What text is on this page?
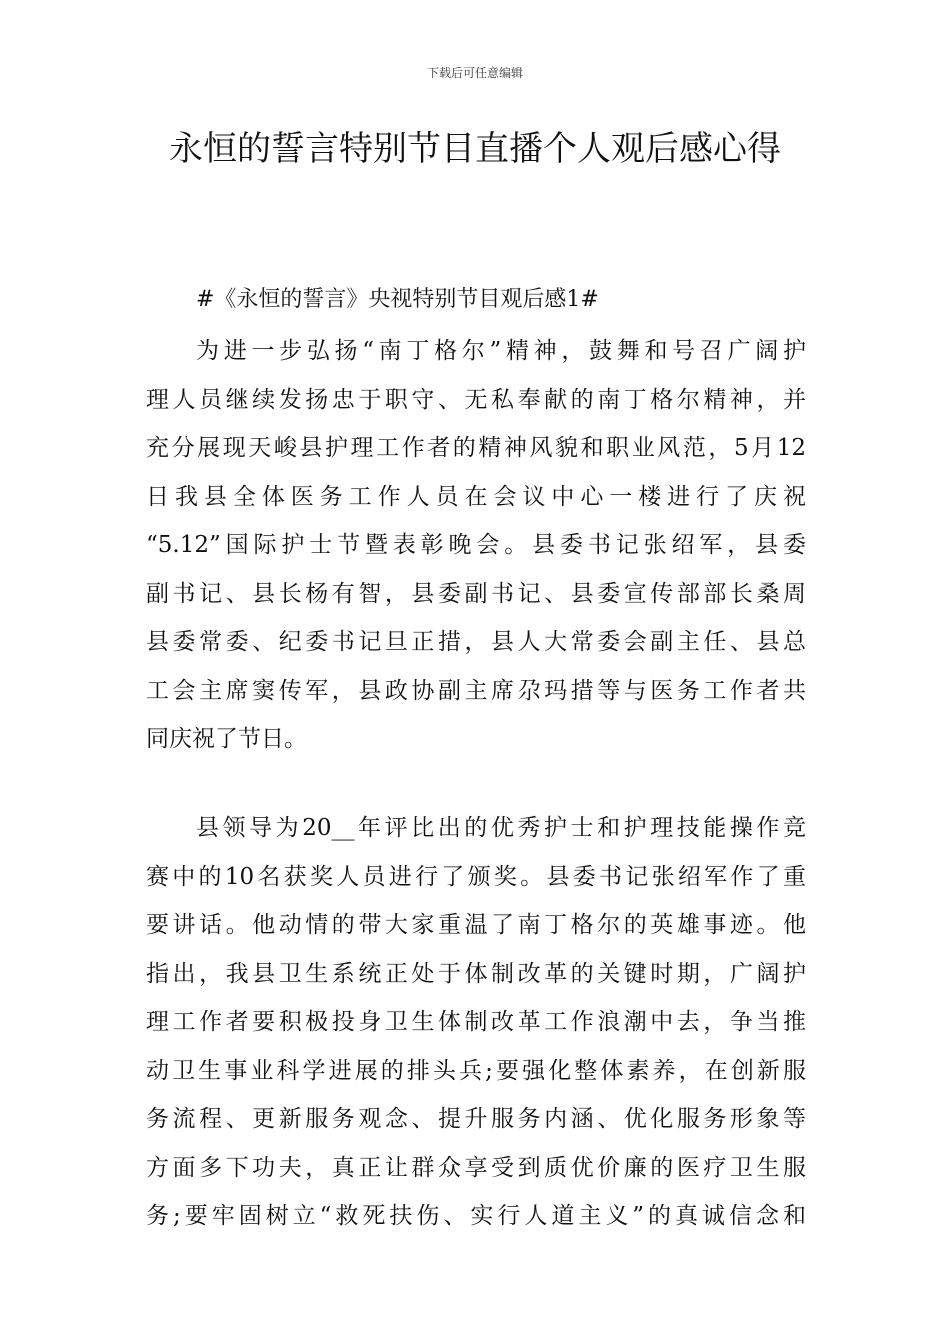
下载后可任意编辑
永恒的誓言特别节目直播个人观后感心得

#《永恒的誓言》央视特别节目观后感1#

为进一步弘扬“南丁格尔”精神，鼓舞和号召广阔护
理人员继续发扬忠于职守、无私奉献的南丁格尔精神，并
充分展现天峻县护理工作者的精神风貌和职业风范，5月12
日我县全体医务工作人员在会议中心一楼进行了庆祝
“5.12”国际护士节暨表彰晚会。县委书记张绍军，县委
副书记、县长杨有智，县委副书记、县委宣传部部长桑周
县委常委、纪委书记旦正措，县人大常委会副主任、县总
工会主席窦传军，县政协副主席尕玛措等与医务工作者共
同庆祝了节日。
县领导为20__年评比出的优秀护士和护理技能操作竞
赛中的10名获奖人员进行了颁奖。县委书记张绍军作了重
要讲话。他动情的带大家重温了南丁格尔的英雄事迹。他
指出，我县卫生系统正处于体制改革的关键时期，广阔护
理工作者要积极投身卫生体制改革工作浪潮中去，争当推
动卫生事业科学进展的排头兵;要强化整体素养，在创新服
务流程、更新服务观念、提升服务内涵、优化服务形象等
方面多下功夫，真正让群众享受到质优价廉的医疗卫生服
务;要牢固树立“救死扶伤、实行人道主义”的真诚信念和
